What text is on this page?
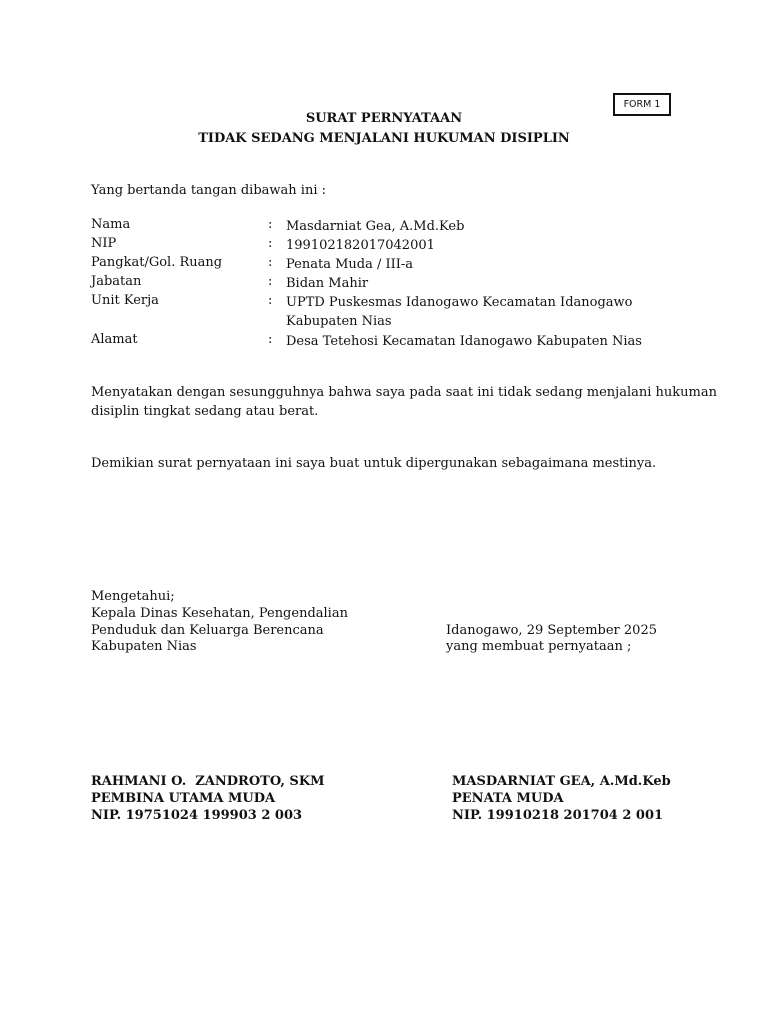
FORM 1
SURAT PERNYATAAN
TIDAK SEDANG MENJALANI HUKUMAN DISIPLIN
Yang bertanda tangan dibawah ini :
Nama	: Masdarniat Gea, A.Md.Keb
NIP	: 199102182017042001
Pangkat/Gol. Ruang	: Penata Muda / III-a
Jabatan	: Bidan Mahir
Unit Kerja	: UPTD Puskesmas Idanogawo Kecamatan Idanogawo Kabupaten Nias
Alamat	: Desa Tetehosi Kecamatan Idanogawo Kabupaten Nias
Menyatakan dengan sesungguhnya bahwa saya pada saat ini tidak sedang menjalani hukuman
disiplin tingkat sedang atau berat.
Demikian surat pernyataan ini saya buat untuk dipergunakan sebagaimana mestinya.
Mengetahui;
Kepala Dinas Kesehatan, Pengendalian
Penduduk dan Keluarga Berencana
Kabupaten Nias
Idanogawo, 29 September 2025
yang membuat pernyataan ;
RAHMANI O.  ZANDROTO, SKM
PEMBINA UTAMA MUDA
NIP. 19751024 199903 2 003
MASDARNIAT GEA, A.Md.Keb
PENATA MUDA
NIP. 19910218 201704 2 001
